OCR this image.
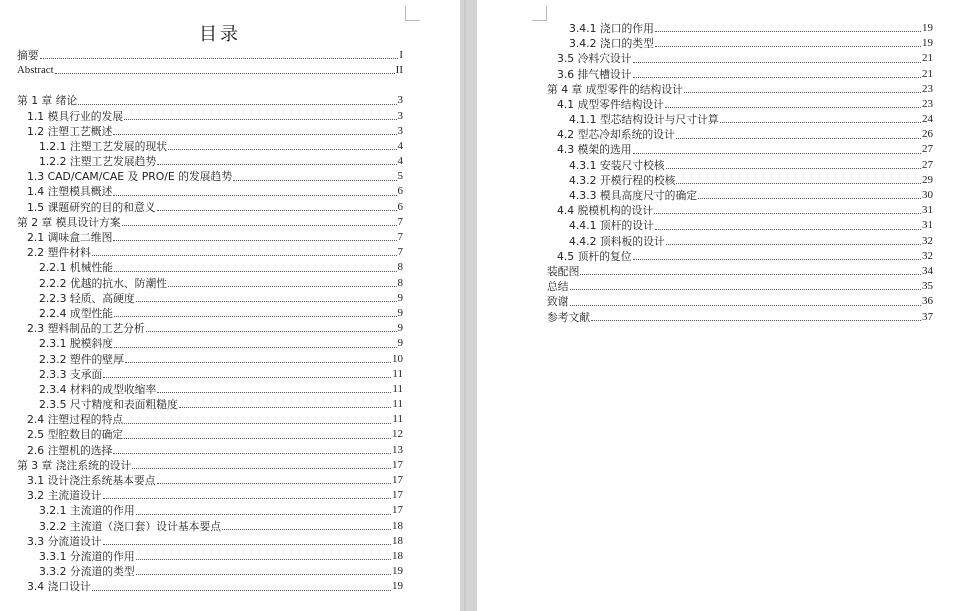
目录
摘要	I
Abstract	II
第 1 章 绪论	3
1.1 模具行业的发展	3
1.2 注塑工艺概述	3
1.2.1 注塑工艺发展的现状	4
1.2.2 注塑工艺发展趋势	4
1.3 CAD/CAM/CAE 及 PRO/E 的发展趋势	5
1.4 注塑模具概述	6
1.5 课题研究的目的和意义	6
第 2 章 模具设计方案	7
2.1 调味盒二维图	7
2.2 塑件材料	7
2.2.1 机械性能	8
2.2.2 优越的抗水、防潮性	8
2.2.3 轻质、高硬度	9
2.2.4 成型性能	9
2.3 塑料制品的工艺分析	9
2.3.1 脱模斜度	9
2.3.2 塑件的壁厚	10
2.3.3 支承面	11
2.3.4 材料的成型收缩率	11
2.3.5 尺寸精度和表面粗糙度	11
2.4 注塑过程的特点	11
2.5 型腔数目的确定	12
2.6 注塑机的选择	13
第 3 章 浇注系统的设计	17
3.1 设计浇注系统基本要点	17
3.2 主流道设计	17
3.2.1 主流道的作用	17
3.2.2 主流道（浇口套）设计基本要点	18
3.3 分流道设计	18
3.3.1 分流道的作用	18
3.3.2 分流道的类型	19
3.4 浇口设计	19
3.4.1 浇口的作用	19
3.4.2 浇口的类型	19
3.5 冷料穴设计	21
3.6 排气槽设计	21
第 4 章 成型零件的结构设计	23
4.1 成型零件结构设计	23
4.1.1 型芯结构设计与尺寸计算	24
4.2 型芯冷却系统的设计	26
4.3 模架的选用	27
4.3.1 安装尺寸校核	27
4.3.2 开模行程的校核	29
4.3.3 模具高度尺寸的确定	30
4.4 脱模机构的设计	31
4.4.1 顶杆的设计	31
4.4.2 顶料板的设计	32
4.5 顶杆的复位	32
装配图	34
总结	35
致谢	36
参考文献	37
